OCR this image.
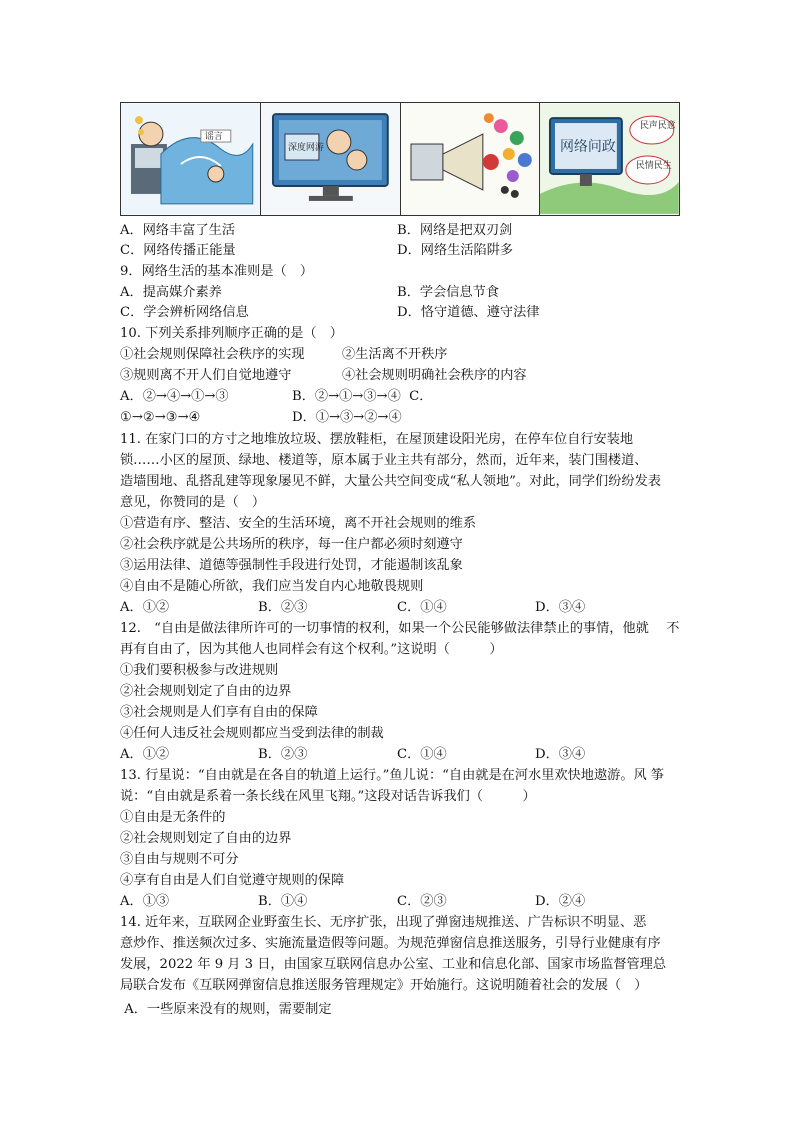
谣言
深度网游	网络问政
民声民意
民情民生
A．网络丰富了生活	B．网络是把双刃剑
C．网络传播正能量	D．网络生活陷阱多
9．网络生活的基本准则是（　）
A．提高媒介素养	B．学会信息节食
C．学会辨析网络信息	D．恪守道德、遵守法律
10. 下列关系排列顺序正确的是（　）
①社会规则保障社会秩序的实现	②生活离不开秩序
③规则离不开人们自觉地遵守	④社会规则明确社会秩序的内容
A．②→④→①→③	B．②→①→③→④  C．
①→②→③→④	D．①→③→②→④
11. 在家门口的方寸之地堆放垃圾、摆放鞋柜，在屋顶建设阳光房，在停车位自行安装地
锁……小区的屋顶、绿地、楼道等，原本属于业主共有部分，然而，近年来，装门围楼道、
造墙围地、乱搭乱建等现象屡见不鲜，大量公共空间变成“私人领地”。对此，同学们纷纷发表
意见，你赞同的是（　）
①营造有序、整洁、安全的生活环境，离不开社会规则的维系
②社会秩序就是公共场所的秩序，每一住户都必须时刻遵守
③运用法律、道德等强制性手段进行处罚，才能遏制该乱象
④自由不是随心所欲，我们应当发自内心地敬畏规则
A．①②	B．②③	C．①④	D．③④
12.　“自由是做法律所许可的一切事情的权利，如果一个公民能够做法律禁止的事情，他就　 不
再有自由了，因为其他人也同样会有这个权利。”这说明（　　　）
①我们要积极参与改进规则
②社会规则划定了自由的边界
③社会规则是人们享有自由的保障
④任何人违反社会规则都应当受到法律的制裁
A．①②	B．②③	C．①④	D．③④
13. 行星说：“自由就是在各自的轨道上运行。”鱼儿说：“自由就是在河水里欢快地遨游。风 筝
说：“自由就是系着一条长线在风里飞翔。”这段对话告诉我们（　　　）
①自由是无条件的
②社会规则划定了自由的边界
③自由与规则不可分
④享有自由是人们自觉遵守规则的保障
A．①③	B．①④	C．②③	D．②④
14. 近年来，互联网企业野蛮生长、无序扩张，出现了弹窗违规推送、广告标识不明显、恶
意炒作、推送频次过多、实施流量造假等问题。为规范弹窗信息推送服务，引导行业健康有序
发展，2022 年 9 月 3 日，由国家互联网信息办公室、工业和信息化部、国家市场监督管理总
局联合发布《互联网弹窗信息推送服务管理规定》开始施行。这说明随着社会的发展（　）
A．一些原来没有的规则，需要制定
